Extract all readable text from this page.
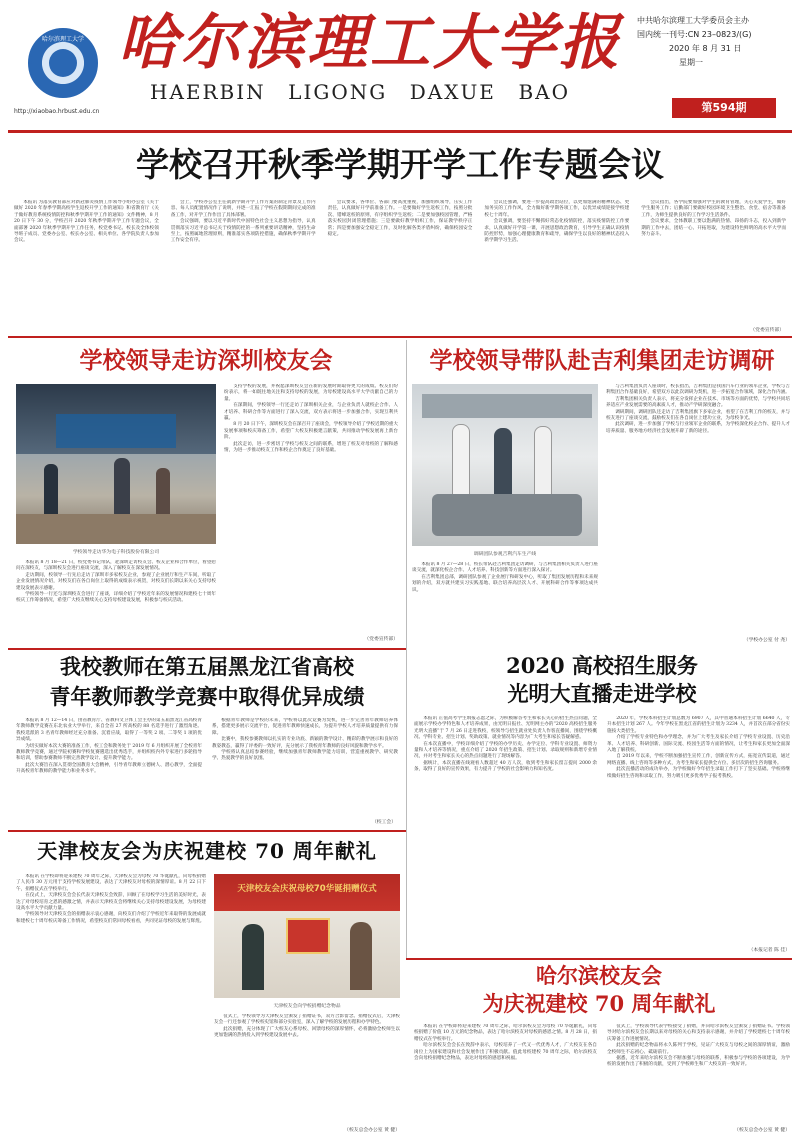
哈尔滨理工大学
http://xiaobao.hrbust.edu.cn
哈尔滨理工大学报
HAERBIN LIGONG DAXUE BAO
中共哈尔滨理工大学委员会主办
国内统一刊号:CN 23–0823/(G)
2020 年 8 月 31 日
星期一
第594期
学校召开秋季学期开学工作专题会议

本报讯 为落实教育部应对新冠肺炎疫情工作领导小组办公室《关于做好 2020 年春季学期高校学生返校开学工作的通知》和省教育厅《关于做好教育系统疫情防控和秋季学期开学工作的通知》文件精神，8 月 20 日下午 30 分，学校召开 2020 年秋季学期开学工作专题会议，全面部署 2020 年秋季学期开学工作任务，校党委书记、校长及全体校领导班子成员、党委办公室、校长办公室、相关单位、各学院负责人参加会议。

会上，学校办公室主任就新学期开学工作方案的制定背景及工作内容、每人员配置情况作了说明，并逐一汇报了学校在假期期间完成的准备工作，对开学工作作出了具体部署。

会议强调，要以习近平新时代中国特色社会主义思想为指导，认真贯彻落实习近平总书记关于疫情防控的一系列重要讲话精神，坚持生命至上，按照属地管理原则，精准落实各项防控措施，确保秋季学期开学工作安全有序。

会议要求，各单位、各部门要高度重视，加强组织领导，压实工作责任，认真做好开学前准备工作。一是要做好学生返校工作，按照分批次、错峰返校的原则，有序组织学生返校；二是要加强校园管理，严格落实校园封闭管理措施；三是要做好教学组织工作，保证教学秩序正常；四是要加强安全稳定工作，及时化解各类矛盾纠纷，确保校园安全稳定。

会议还强调，要进一步提高政治站位，以更加饱满的精神状态、更加务实的工作作风，全力做好新学期各项工作，以优异成绩迎接学校建校七十周年。

会议强调，要坚持不懈抓好常态化疫情防控，落实疫情防控工作要求，认真做好开学第一课，开展思想政治教育，引导学生正确认识疫情防控形势，加强心理健康教育和疏导，确保学生以良好的精神状态投入新学期学习生活。

会议指出，各学院要加强对学生的教育管理，关心关爱学生，做好学生服务工作；后勤部门要做好校园环境卫生整治、食堂、宿舍等准备工作，为师生提供良好的工作学习生活条件。

会议要求，全体教职工要以饱满的热情、昂扬的斗志，投入到新学期的工作中去，团结一心、开拓进取，为建设特色鲜明的高水平大学而努力奋斗。

（党委宣传部）
学校领导走访深圳校友会
学校领导走访华为电子科技股份有限公司

本报讯 8 月 18—21 日，校党委书记带队，赴深圳走访校友会、校友企业和合作单位，看望慰问在深校友，与深圳校友会进行座谈交流，深入了解校友在深发展情况。

走访期间，校领导一行先后走访了深圳市多家校友企业，参观了企业展厅和生产车间，听取了企业发展情况介绍，对校友们在各自岗位上取得的成绩表示祝贺，对校友们长期以来关心支持母校建设发展表示感谢。

学校领导一行还与深圳校友会进行了座谈，详细介绍了学校近年来的发展情况和建校七十周年校庆工作筹备情况，希望广大校友继续关心支持母校建设发展，积极参与校庆活动。

支持学校的发展，并祝愿深圳校友会在新的发展时期取得更大的成绩。校友们纷纷表示，将一如既往地关注和支持母校的发展，为母校建设高水平大学贡献自己的力量。

在深期间，学校领导一行还走访了深圳相关企业，与企业负责人就校企合作、人才培养、科研合作等方面进行了深入交流，双方表示将进一步加强合作，实现互利共赢。

8 月 20 日下午，深圳校友会在深召开了座谈会，学校领导介绍了学校近期的重大发展事项和校庆筹备工作，希望广大校友积极建言献策，共同推动学校发展再上新台阶。

此次走访，进一步密切了学校与校友之间的联系，增进了校友对母校的了解和感情，为进一步推动校友工作和校企合作奠定了良好基础。

（党委宣传部）
学校领导带队赴吉利集团走访调研
调研团队参观吉利汽车生产线

本报讯 8 月 27—28 日，校长带队赴吉利集团走访调研，与吉利集团相关负责人进行座谈交流，就深化校企合作、人才培养、科技创新等方面进行深入探讨。

在吉利集团总部，调研团队参观了企业展厅和研发中心，听取了集团发展历程和未来规划的介绍，双方就共建实习实践基地、联合培养高层次人才、开展科研合作等事项达成共识。

与吉利集团负责人座谈时，校长指出，吉利集团是我国汽车行业的领军企业，学校与吉利集团合作基础良好，希望双方以此次调研为契机，进一步拓宽合作领域，深化合作内涵。

吉利集团相关负责人表示，将充分发挥企业在技术、市场等方面的优势，与学校共同培养适应产业发展需要的高素质人才，推动产学研深度融合。

调研期间，调研团队还走访了吉利集团旗下多家企业，看望了在吉利工作的校友，并与校友进行了座谈交流，鼓励校友们在各自岗位上建功立业，为母校争光。

此次调研，进一步加强了学校与行业领军企业的联系，为学校深化校企合作、提升人才培养质量、服务地方经济社会发展开辟了新的途径。

（学校办公室 付 尧）
我校教师在第五届黑龙江省高校
青年教师教学竞赛中取得优异成绩

本报讯 8 月 12—14 日，由省教育厅、省教科文卫体工会主办的第五届黑龙江省高校青年教师教学竞赛在东北农业大学举行，来自全省 27 所高校的 88 名选手进行了激烈角逐。我校选派的 3 名青年教师经过充分准备、沉着应战，取得了一等奖 2 项、二等奖 1 项的优异成绩。

为切实做好本次大赛的准备工作，校工会和教务处于 2019 年 6 月组织开展了全校青年教师教学竞赛，通过学院初赛和学校复赛遴选出优秀选手，并组织校内外专家进行多轮指导和培训，帮助参赛教师不断完善教学设计、提升教学能力。

此次大赛旨在深入贯彻全国教育大会精神，引导青年教师立德树人、潜心教学，全面提升高校青年教师的教学能力和业务水平。

根据青年教师是学校的未来，学校将以此次竞赛为契机，进一步完善青年教师培养体系，搭建更多展示交流平台，促进青年教师快速成长，为提升学校人才培养质量提供有力保障。

比赛中，我校参赛教师以扎实的专业功底、新颖的教学设计、精彩的教学展示和良好的教姿教态，赢得了评委的一致好评，充分展示了我校青年教师的良好风貌和教学水平。

学校将认真总结参赛经验，继续加强青年教师教学能力培训，营造重视教学、研究教学、热爱教学的良好氛围。

（校工会）
天津校友会为庆祝建校 70 周年献礼

本报讯 在学校即将迎来建校 70 周年之际，天津校友会为母校 70 华诞献礼，向母校捐赠了人民币 30 万元用于支持学校发展建设，表达了天津校友对母校的深情厚谊。8 月 22 日下午，捐赠仪式在学校举行。

在仪式上，天津校友会会长代表天津校友会致辞，回顾了在母校学习生活的美好时光，表达了对母校培育之恩的感激之情，并表示天津校友会将继续关心支持母校建设发展，为母校建设高水平大学贡献力量。

学校领导对天津校友会的捐赠表示衷心感谢，向校友们介绍了学校近年来取得的发展成就和建校七十周年校庆筹备工作情况，希望校友们常回母校看看，共同见证母校的发展与辉煌。

天津校友会庆祝母校70华诞捐赠仪式
天津校友会向学校捐赠纪念物品

仪式上，学校领导为天津校友会颁发了捐赠证书，双方合影留念。捐赠仪式后，天津校友会一行还参观了学校校史馆和部分实验室，深入了解学校的发展历程和办学特色。

此次捐赠，充分体现了广大校友心系母校、回馈母校的深厚情怀，必将激励全校师生以更加饱满的热情投入到学校建设发展中去。

（校友总会办公室 黄 健）
2020 高校招生服务
光明大直播走进学校

本报讯 正值高考学生填报志愿之际，为积极解答考生和家长关心的招生热点问题，全面展示学校办学特色和人才培养成果，由光明日报社、光明网主办的“2020 高校招生服务光明大直播”于 7 月 26 日走进我校，校领导与招生就业处负责人作客直播间，围绕学校概况、学科专业、招生计划、奖助政策、就业情况等内容为广大考生和家长答疑解惑。

在本次直播中，学校详细介绍了学校的办学历史、办学定位、学科专业设置、师资力量和人才培养等情况，重点介绍了 2020 年招生政策、招生计划、录取规则和新增专业情况，并对考生和家长关心的热点问题进行了现场解答。

据统计，本次直播在线观看人数超过 40 万人次，收到考生和家长留言提问 2000 余条，取得了良好的宣传效果，有力提升了学校的社会影响力和知名度。

2020 年，学校本科招生计划总数为 6907 人，其中普通本科招生计划 6640 人，专升本招生计划 267 人。今年学校在黑龙江省的招生计划为 3234 人，并首次在部分省份实施按大类招生。

介绍了学校专业特色和办学理念，并为广大考生及家长介绍了学校专业设置、历史沿革、人才培养、科研创新、国际交流、校园生活等方面的情况，让考生和家长更加全面深入地了解我校。

自 2019 年以来，学校不断加强招生宣传工作，创新宣传方式，拓宽宣传渠道，通过网络直播、线上咨询等多种方式，为考生和家长提供全方位、多层次的招生咨询服务。

此次直播活动的成功举办，为学校做好今年招生录取工作打下了坚实基础。学校将继续做好招生咨询和录取工作，努力吸引更多优秀学子报考我校。

（本报记者 陈 佳）
哈尔滨校友会
为庆祝建校 70 周年献礼

本报讯 在学校即将迎来建校 70 周年之际，哈尔滨校友会为母校 70 华诞献礼，向母校捐赠了价值 10 万元的纪念物品，表达了哈尔滨校友对母校的感恩之情。8 月 28 日，捐赠仪式在学校举行。

哈尔滨校友会会长在致辞中表示，母校培养了一代又一代优秀人才，广大校友在各自岗位上为国家建设和社会发展作出了积极贡献。值此母校建校 70 周年之际，哈尔滨校友会向母校捐赠纪念物品，表达对母校的感恩和祝福。

仪式上，学校领导代表学校接受了捐赠，并向哈尔滨校友会颁发了捐赠证书。学校领导对哈尔滨校友会长期以来对母校的关心和支持表示感谢，并介绍了学校建校七十周年校庆筹备工作进展情况。

此次捐赠的纪念物品将永久陈列于学校，见证广大校友与母校之间的深厚情谊，激励全校师生不忘初心、砥砺前行。

据悉，近年来哈尔滨校友会不断加强与母校的联系，积极参与学校的各项建设，为学校的发展作出了积极的贡献，受到了学校师生和广大校友的一致好评。

（校友总会办公室 黄 健）
